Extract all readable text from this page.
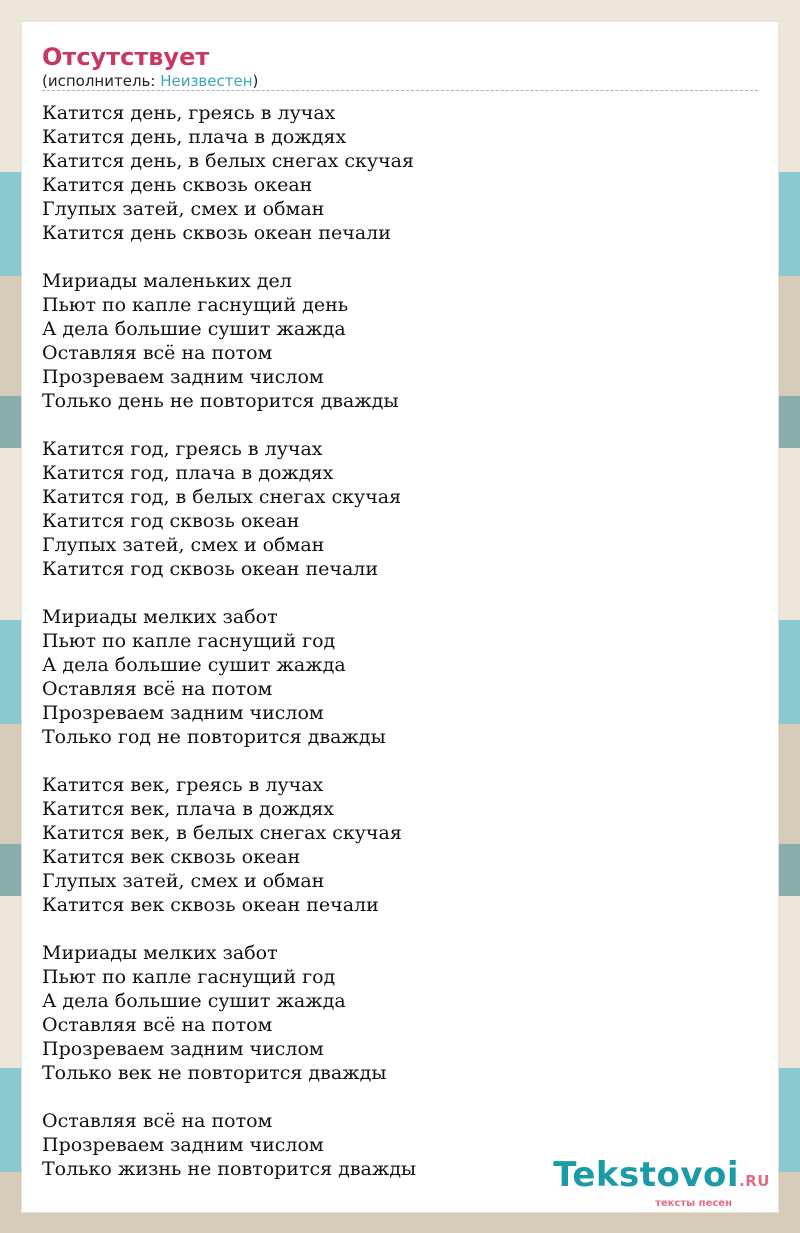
Отсутствует
(исполнитель: Неизвестен)
Катится день, греясь в лучах
Катится день, плача в дождях
Катится день, в белых снегах скучая
Катится день сквозь океан
Глупых затей, смех и обман
Катится день сквозь океан печали
Мириады маленьких дел
Пьют по капле гаснущий день
А дела большие сушит жажда
Оставляя всё на потом
Прозреваем задним числом
Только день не повторится дважды
Катится год, греясь в лучах
Катится год, плача в дождях
Катится год, в белых снегах скучая
Катится год сквозь океан
Глупых затей, смех и обман
Катится год сквозь океан печали
Мириады мелких забот
Пьют по капле гаснущий год
А дела большие сушит жажда
Оставляя всё на потом
Прозреваем задним числом
Только год не повторится дважды
Катится век, греясь в лучах
Катится век, плача в дождях
Катится век, в белых снегах скучая
Катится век сквозь океан
Глупых затей, смех и обман
Катится век сквозь океан печали
Мириады мелких забот
Пьют по капле гаснущий год
А дела большие сушит жажда
Оставляя всё на потом
Прозреваем задним числом
Только век не повторится дважды
Оставляя всё на потом
Прозреваем задним числом
Только жизнь не повторится дважды	Tekstovoi.RU
тексты песен
